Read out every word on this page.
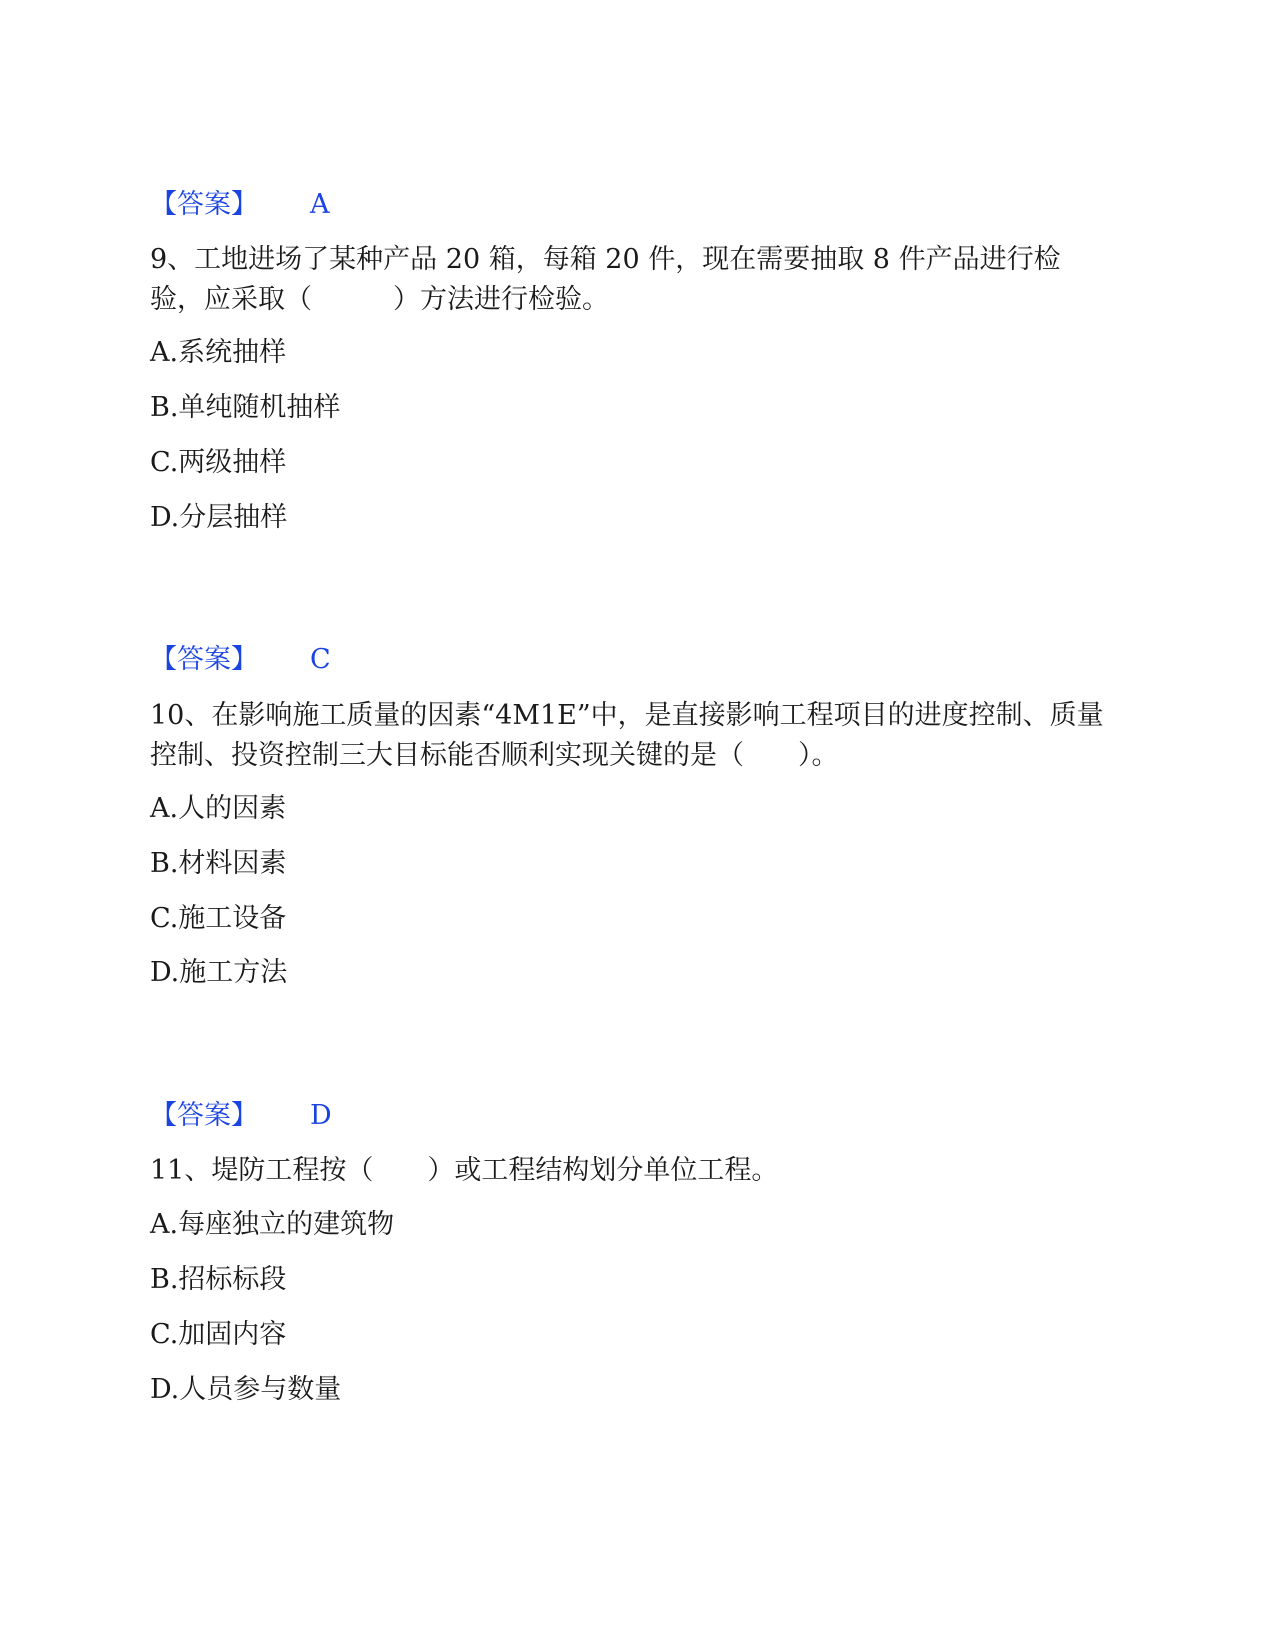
【答案】 A
9、工地进场了某种产品 20 箱，每箱 20 件，现在需要抽取 8 件产品进行检验，应采取（　　　）方法进行检验。
A.系统抽样
B.单纯随机抽样
C.两级抽样
D.分层抽样
【答案】 C
10、在影响施工质量的因素“4M1E”中，是直接影响工程项目的进度控制、质量控制、投资控制三大目标能否顺利实现关键的是（　　）。
A.人的因素
B.材料因素
C.施工设备
D.施工方法
【答案】 D
11、堤防工程按（　　）或工程结构划分单位工程。
A.每座独立的建筑物
B.招标标段
C.加固内容
D.人员参与数量
